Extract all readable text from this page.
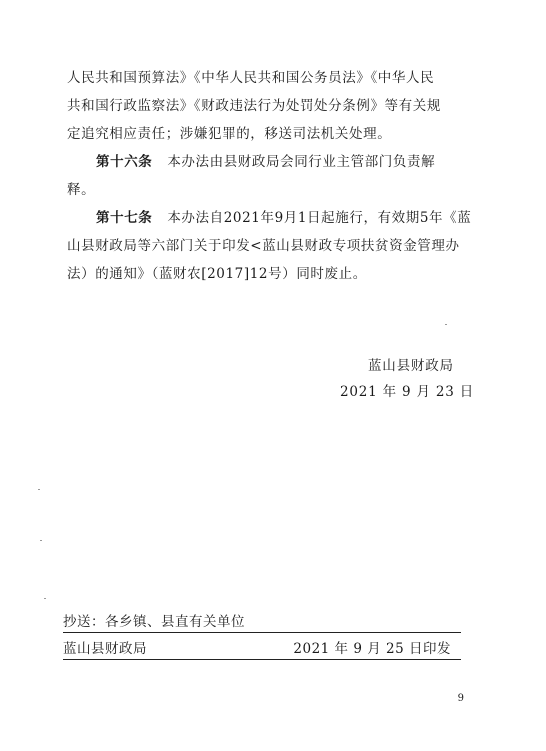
人民共和国预算法》《中华人民共和国公务员法》《中华人民
共和国行政监察法》《财政违法行为处罚处分条例》等有关规
定追究相应责任；涉嫌犯罪的，移送司法机关处理。
第十六条 本办法由县财政局会同行业主管部门负责解
释。
第十七条 本办法自2021年9月1日起施行，有效期5年《蓝
山县财政局等六部门关于印发<蓝山县财政专项扶贫资金管理办
法）的通知》（蓝财农[2017]12号）同时废止。
蓝山县财政局
2021 年 9 月 23 日
抄送：各乡镇、县直有关单位
蓝山县财政局	2021 年 9 月 25 日印发
9
